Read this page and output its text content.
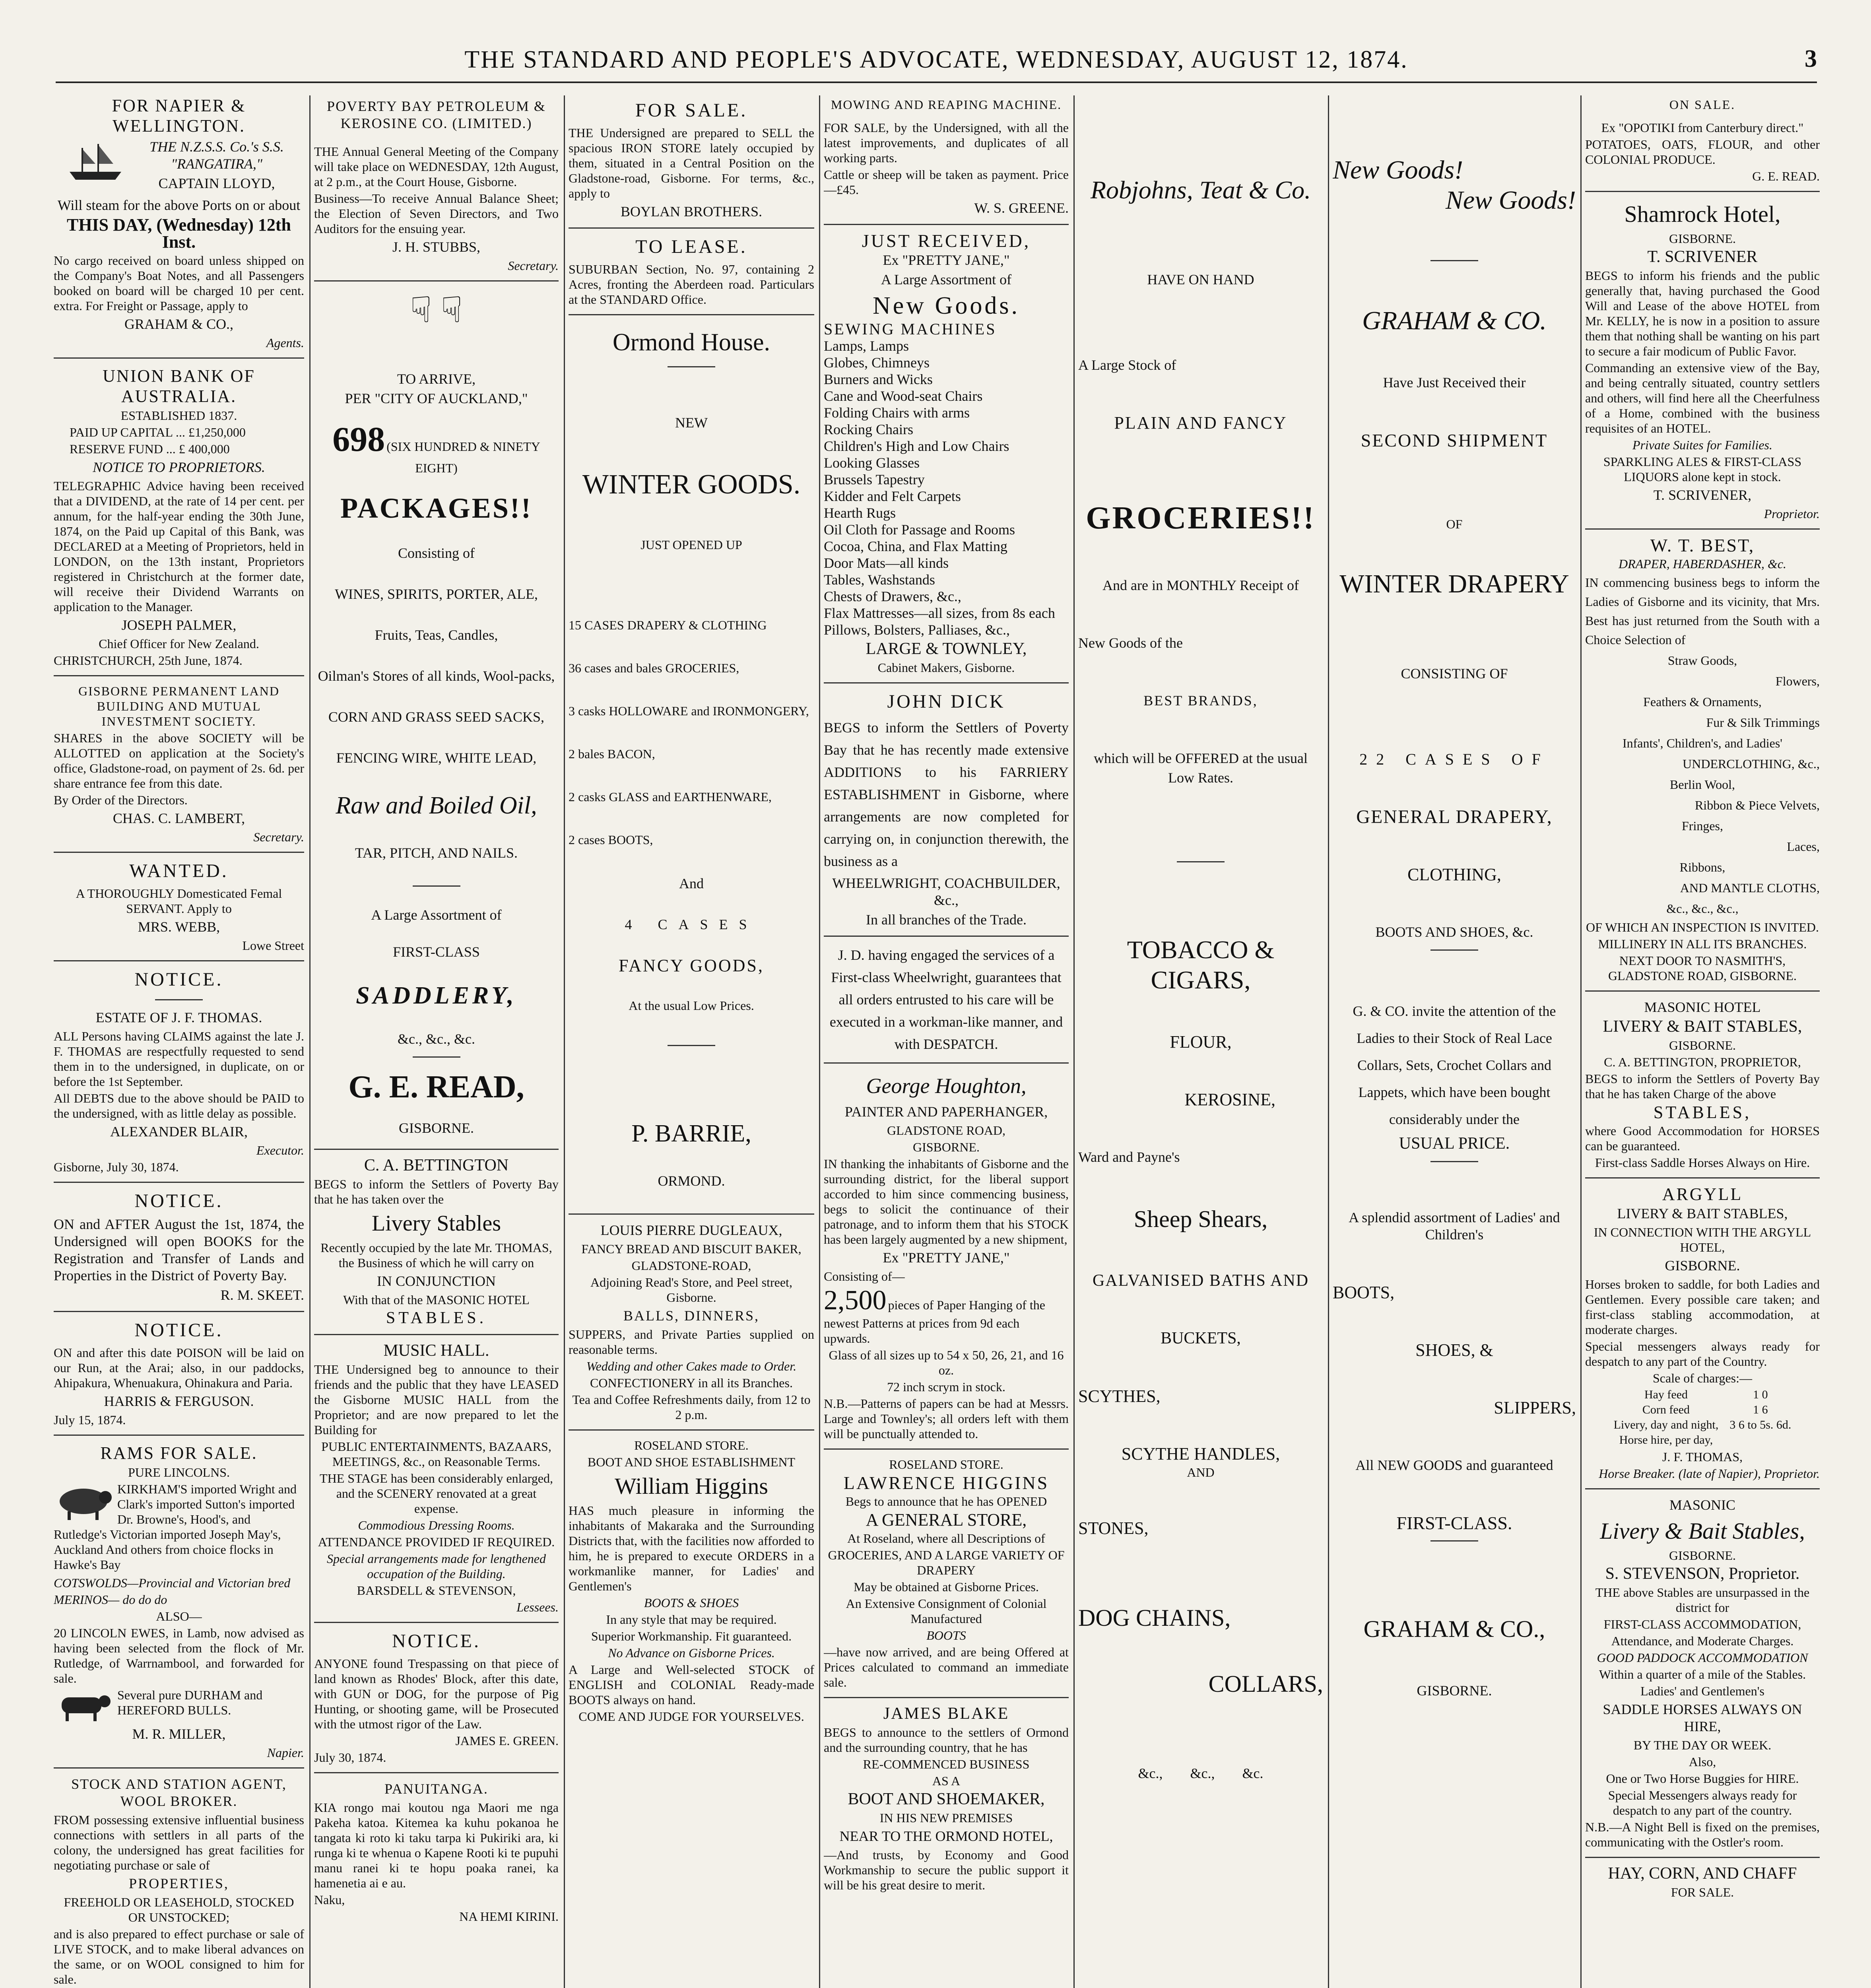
THE STANDARD AND PEOPLE'S ADVOCATE, WEDNESDAY, AUGUST 12, 1874.	3
FOR NAPIER & WELLINGTON.
THE N.Z.S.S. Co.'s S.S. "RANGATIRA,"
CAPTAIN LLOYD,
Will steam for the above Ports on or about
THIS DAY, (Wednesday) 12th Inst.
No cargo received on board unless shipped on the Company's Boat Notes, and all Passengers booked on board will be charged 10 per cent. extra. For Freight or Passage, apply to
GRAHAM & CO.,
Agents.
UNION BANK OF AUSTRALIA.
ESTABLISHED 1837.
PAID UP CAPITAL ... £1,250,000
RESERVE FUND ... £ 400,000
NOTICE TO PROPRIETORS.
TELEGRAPHIC Advice having been received that a DIVIDEND, at the rate of 14 per cent. per annum, for the half-year ending the 30th June, 1874, on the Paid up Capital of this Bank, was DECLARED at a Meeting of Proprietors, held in LONDON, on the 13th instant, Proprietors registered in Christchurch at the former date, will receive their Dividend Warrants on application to the Manager.
JOSEPH PALMER,
Chief Officer for New Zealand.
CHRISTCHURCH, 25th June, 1874.
GISBORNE PERMANENT LAND BUILDING AND MUTUAL INVESTMENT SOCIETY.
SHARES in the above SOCIETY will be ALLOTTED on application at the Society's office, Gladstone-road, on payment of 2s. 6d. per share entrance fee from this date.
By Order of the Directors.
CHAS. C. LAMBERT,
Secretary.
WANTED.
A THOROUGHLY Domesticated Femal SERVANT. Apply to
MRS. WEBB,
Lowe Street
NOTICE.
ESTATE OF J. F. THOMAS.
ALL Persons having CLAIMS against the late J. F. THOMAS are respectfully requested to send them in to the undersigned, in duplicate, on or before the 1st September.
All DEBTS due to the above should be PAID to the undersigned, with as little delay as possible.
ALEXANDER BLAIR,
Executor.
Gisborne, July 30, 1874.
NOTICE.
ON and AFTER August the 1st, 1874, the Undersigned will open BOOKS for the Registration and Transfer of Lands and Properties in the District of Poverty Bay.
R. M. SKEET.
NOTICE.
ON and after this date POISON will be laid on our Run, at the Arai; also, in our paddocks, Ahipakura, Whenuakura, Ohinakura and Paria.
HARRIS & FERGUSON.
July 15, 1874.
RAMS FOR SALE.
PURE LINCOLNS.
KIRKHAM'S imported Wright and Clark's imported Sutton's imported Dr. Browne's, Hood's, and Rutledge's Victorian imported Joseph May's, Auckland And others from choice flocks in Hawke's Bay
COTSWOLDS—Provincial and Victorian bred
MERINOS— do do do
ALSO—
20 LINCOLN EWES, in Lamb, now advised as having been selected from the flock of Mr. Rutledge, of Warrnambool, and forwarded for sale.
Several pure DURHAM and HEREFORD BULLS.
M. R. MILLER,
Napier.
STOCK AND STATION AGENT, WOOL BROKER.
FROM possessing extensive influential business connections with settlers in all parts of the colony, the undersigned has great facilities for negotiating purchase or sale of
PROPERTIES,
FREEHOLD OR LEASEHOLD, STOCKED OR UNSTOCKED;
and is also prepared to effect purchase or sale of LIVE STOCK, and to make liberal advances on the same, or on WOOL consigned to him for sale.
POVERTY BAY PETROLEUM & KEROSINE CO. (LIMITED.)
THE Annual General Meeting of the Company will take place on WEDNESDAY, 12th August, at 2 p.m., at the Court House, Gisborne.
Business—To receive Annual Balance Sheet; the Election of Seven Directors, and Two Auditors for the ensuing year.
J. H. STUBBS,
Secretary.
☟ ☟
TO ARRIVE,
PER "CITY OF AUCKLAND,"
698 (SIX HUNDRED & NINETY EIGHT)
PACKAGES!!
Consisting of
WINES, SPIRITS, PORTER, ALE,
Fruits, Teas, Candles,
Oilman's Stores of all kinds, Wool-packs,
CORN AND GRASS SEED SACKS,
FENCING WIRE, WHITE LEAD,
Raw and Boiled Oil,
TAR, PITCH, AND NAILS.
A Large Assortment of
FIRST-CLASS
SADDLERY,
&c., &c., &c.
G. E. READ,
GISBORNE.
C. A. BETTINGTON
BEGS to inform the Settlers of Poverty Bay that he has taken over the
Livery Stables
Recently occupied by the late Mr. THOMAS, the Business of which he will carry on
IN CONJUNCTION
With that of the MASONIC HOTEL
STABLES.
MUSIC HALL.
THE Undersigned beg to announce to their friends and the public that they have LEASED the Gisborne MUSIC HALL from the Proprietor; and are now prepared to let the Building for
PUBLIC ENTERTAINMENTS, BAZAARS, MEETINGS, &c., on Reasonable Terms.
THE STAGE has been considerably enlarged, and the SCENERY renovated at a great expense.
Commodious Dressing Rooms.
ATTENDANCE PROVIDED IF REQUIRED.
Special arrangements made for lengthened occupation of the Building.
BARSDELL & STEVENSON,
Lessees.
NOTICE.
ANYONE found Trespassing on that piece of land known as Rhodes' Block, after this date, with GUN or DOG, for the purpose of Pig Hunting, or shooting game, will be Prosecuted with the utmost rigor of the Law.
JAMES E. GREEN.
July 30, 1874.
PANUITANGA.
KIA rongo mai koutou nga Maori me nga Pakeha katoa. Kitemea ka kuhu pokanoa he tangata ki roto ki taku tarpa ki Pukiriki ara, ki runga ki te whenua o Kapene Rooti ki te pupuhi manu ranei ki te hopu poaka ranei, ka hamenetia ai e au.
Naku,
NA HEMI KIRINI.
FOR SALE.
THE Undersigned are prepared to SELL the spacious IRON STORE lately occupied by them, situated in a Central Position on the Gladstone-road, Gisborne. For terms, &c., apply to
BOYLAN BROTHERS.
TO LEASE.
SUBURBAN Section, No. 97, containing 2 Acres, fronting the Aberdeen road. Particulars at the STANDARD Office.
Ormond House.
NEW
WINTER GOODS.
JUST OPENED UP
15 CASES DRAPERY & CLOTHING
36 cases and bales GROCERIES,
3 casks HOLLOWARE and IRONMONGERY,
2 bales BACON,
2 casks GLASS and EARTHENWARE,
2 cases BOOTS,
And
4 CASES
FANCY GOODS,
At the usual Low Prices.
P. BARRIE,
ORMOND.
LOUIS PIERRE DUGLEAUX,
FANCY BREAD AND BISCUIT BAKER,
GLADSTONE-ROAD,
Adjoining Read's Store, and Peel street, Gisborne.
BALLS, DINNERS,
SUPPERS, and Private Parties supplied on reasonable terms.
Wedding and other Cakes made to Order.
CONFECTIONERY in all its Branches.
Tea and Coffee Refreshments daily, from 12 to 2 p.m.
ROSELAND STORE.
BOOT AND SHOE ESTABLISHMENT
William Higgins
HAS much pleasure in informing the inhabitants of Makaraka and the Surrounding Districts that, with the facilities now afforded to him, he is prepared to execute ORDERS in a workmanlike manner, for Ladies' and Gentlemen's
BOOTS & SHOES
In any style that may be required.
Superior Workmanship. Fit guaranteed.
No Advance on Gisborne Prices.
A Large and Well-selected STOCK of ENGLISH and COLONIAL Ready-made BOOTS always on hand.
COME AND JUDGE FOR YOURSELVES.
MOWING AND REAPING MACHINE.
FOR SALE, by the Undersigned, with all the latest improvements, and duplicates of all working parts.
Cattle or sheep will be taken as payment. Price—£45.
W. S. GREENE.
JUST RECEIVED,
Ex "PRETTY JANE,"
A Large Assortment of
New Goods.
SEWING MACHINES
Lamps, Lamps
Globes, Chimneys
Burners and Wicks
Cane and Wood-seat Chairs
Folding Chairs with arms
Rocking Chairs
Children's High and Low Chairs
Looking Glasses
Brussels Tapestry
Kidder and Felt Carpets
Hearth Rugs
Oil Cloth for Passage and Rooms
Cocoa, China, and Flax Matting
Door Mats—all kinds
Tables, Washstands
Chests of Drawers, &c.,
Flax Mattresses—all sizes, from 8s each
Pillows, Bolsters, Palliases, &c.,
LARGE & TOWNLEY,
Cabinet Makers, Gisborne.
JOHN DICK
BEGS to inform the Settlers of Poverty Bay that he has recently made extensive ADDITIONS to his FARRIERY ESTABLISHMENT in Gisborne, where arrangements are now completed for carrying on, in conjunction therewith, the business as a
WHEELWRIGHT, COACHBUILDER, &c.,
In all branches of the Trade.
J. D. having engaged the services of a First-class Wheelwright, guarantees that all orders entrusted to his care will be executed in a workman-like manner, and with DESPATCH.
George Houghton,
PAINTER AND PAPERHANGER,
GLADSTONE ROAD,
GISBORNE.
IN thanking the inhabitants of Gisborne and the surrounding district, for the liberal support accorded to him since commencing business, begs to solicit the continuance of their patronage, and to inform them that his STOCK has been largely augmented by a new shipment,
Ex "PRETTY JANE,"
Consisting of—
2,500 pieces of Paper Hanging of the newest Patterns at prices from 9d each upwards.
Glass of all sizes up to 54 x 50, 26, 21, and 16 oz.
72 inch scrym in stock.
N.B.—Patterns of papers can be had at Messrs. Large and Townley's; all orders left with them will be punctually attended to.
ROSELAND STORE.
LAWRENCE HIGGINS
Begs to announce that he has OPENED
A GENERAL STORE,
At Roseland, where all Descriptions of
GROCERIES, AND A LARGE VARIETY OF DRAPERY
May be obtained at Gisborne Prices.
An Extensive Consignment of Colonial Manufactured
BOOTS
—have now arrived, and are being Offered at Prices calculated to command an immediate sale.
JAMES BLAKE
BEGS to announce to the settlers of Ormond and the surrounding country, that he has
RE-COMMENCED BUSINESS
AS A
BOOT AND SHOEMAKER,
IN HIS NEW PREMISES
NEAR TO THE ORMOND HOTEL,
—And trusts, by Economy and Good Workmanship to secure the public support it will be his great desire to merit.
Robjohns, Teat & Co.
HAVE ON HAND
A Large Stock of
PLAIN AND FANCY
GROCERIES!!
And are in MONTHLY Receipt of
New Goods of the
BEST BRANDS,
which will be OFFERED at the usual
Low Rates.
TOBACCO & CIGARS,
FLOUR,
KEROSINE,
Ward and Payne's
Sheep Shears,
GALVANISED BATHS AND
BUCKETS,
SCYTHES,
SCYTHE HANDLES,
AND
STONES,
DOG CHAINS,
COLLARS,
&c., &c., &c.
New Goods!
New Goods!
GRAHAM & CO.
Have Just Received their
SECOND SHIPMENT
OF
WINTER DRAPERY
CONSISTING OF
22 CASES OF
GENERAL DRAPERY,
CLOTHING,
BOOTS AND SHOES, &c.
G. & CO. invite the attention of the Ladies to their Stock of Real Lace Collars, Sets, Crochet Collars and Lappets, which have been bought considerably under the
USUAL PRICE.
A splendid assortment of Ladies' and Children's
BOOTS,
SHOES, &
SLIPPERS,
All NEW GOODS and guaranteed
FIRST-CLASS.
GRAHAM & CO.,
GISBORNE.
ON SALE.
Ex "OPOTIKI from Canterbury direct."
POTATOES, OATS, FLOUR, and other COLONIAL PRODUCE.
G. E. READ.
Shamrock Hotel,
GISBORNE.
T. SCRIVENER
BEGS to inform his friends and the public generally that, having purchased the Good Will and Lease of the above HOTEL from Mr. KELLY, he is now in a position to assure them that nothing shall be wanting on his part to secure a fair modicum of Public Favor.
Commanding an extensive view of the Bay, and being centrally situated, country settlers and others, will find here all the Cheerfulness of a Home, combined with the business requisites of an HOTEL.
Private Suites for Families.
SPARKLING ALES & FIRST-CLASS LIQUORS alone kept in stock.
T. SCRIVENER,
Proprietor.
W. T. BEST,
DRAPER, HABERDASHER, &c.
IN commencing business begs to inform the Ladies of Gisborne and its vicinity, that Mrs. Best has just returned from the South with a Choice Selection of
Straw Goods,
Flowers,
Feathers & Ornaments,
Fur & Silk Trimmings
Infants', Children's, and Ladies'
UNDERCLOTHING, &c.,
Berlin Wool,
Ribbon & Piece Velvets,
Fringes,
Laces,
Ribbons,
AND MANTLE CLOTHS,
&c., &c., &c.,
OF WHICH AN INSPECTION IS INVITED.
MILLINERY IN ALL ITS BRANCHES.
NEXT DOOR TO NASMITH'S, GLADSTONE ROAD, GISBORNE.
MASONIC HOTEL
LIVERY & BAIT STABLES,
GISBORNE.
C. A. BETTINGTON, PROPRIETOR,
BEGS to inform the Settlers of Poverty Bay that he has taken Charge of the above
STABLES,
where Good Accommodation for HORSES can be guaranteed.
First-class Saddle Horses Always on Hire.
ARGYLL
LIVERY & BAIT STABLES,
IN CONNECTION WITH THE ARGYLL HOTEL,
GISBORNE.
Horses broken to saddle, for both Ladies and Gentlemen. Every possible care taken; and first-class stabling accommodation, at moderate charges.
Special messengers always ready for despatch to any part of the Country.
Scale of charges:—
Hay feed	1 0
Corn feed	1 6
Livery, day and night,	3 6 to 5s. 6d.
Horse hire, per day,	
J. F. THOMAS,
Horse Breaker. (late of Napier), Proprietor.
MASONIC
Livery & Bait Stables,
GISBORNE.
S. STEVENSON, Proprietor.
THE above Stables are unsurpassed in the district for
FIRST-CLASS ACCOMMODATION,
Attendance, and Moderate Charges.
GOOD PADDOCK ACCOMMODATION
Within a quarter of a mile of the Stables.
Ladies' and Gentlemen's
SADDLE HORSES ALWAYS ON HIRE,
BY THE DAY OR WEEK.
Also,
One or Two Horse Buggies for HIRE.
Special Messengers always ready for despatch to any part of the country.
N.B.—A Night Bell is fixed on the premises, communicating with the Ostler's room.
HAY, CORN, AND CHAFF
FOR SALE.
